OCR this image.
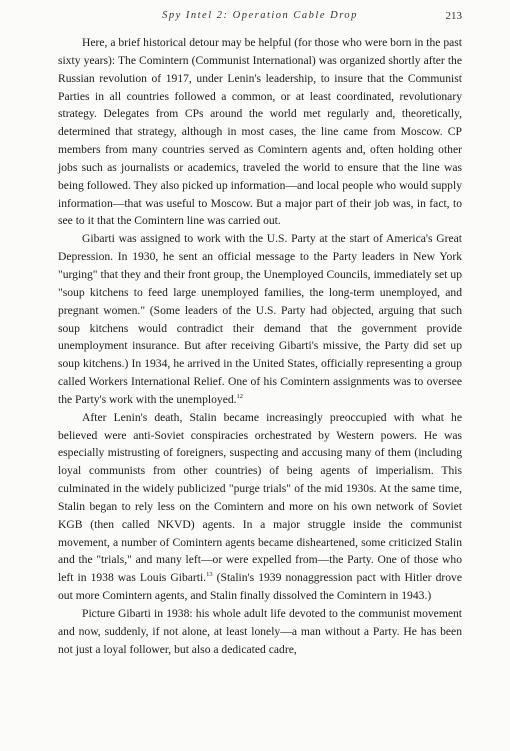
Spy Intel 2: Operation Cable Drop	213

Here, a brief historical detour may be helpful (for those who were born in the past sixty years): The Comintern (Communist International) was organized shortly after the Russian revolution of 1917, under Lenin's leadership, to insure that the Communist Parties in all countries followed a common, or at least coordinated, revolutionary strategy. Delegates from CPs around the world met regularly and, theoretically, determined that strategy, although in most cases, the line came from Moscow. CP members from many countries served as Comintern agents and, often holding other jobs such as journalists or academics, traveled the world to ensure that the line was being followed. They also picked up information—and local people who would supply information—that was useful to Moscow. But a major part of their job was, in fact, to see to it that the Comintern line was carried out.

Gibarti was assigned to work with the U.S. Party at the start of America's Great Depression. In 1930, he sent an official message to the Party leaders in New York "urging" that they and their front group, the Unemployed Councils, immediately set up "soup kitchens to feed large unemployed families, the long-term unemployed, and pregnant women." (Some leaders of the U.S. Party had objected, arguing that such soup kitchens would contradict their demand that the government provide unemployment insurance. But after receiving Gibarti's missive, the Party did set up soup kitchens.) In 1934, he arrived in the United States, officially representing a group called Workers International Relief. One of his Comintern assignments was to oversee the Party's work with the unemployed.$^{12}$

After Lenin's death, Stalin became increasingly preoccupied with what he believed were anti-Soviet conspiracies orchestrated by Western powers. He was especially mistrusting of foreigners, suspecting and accusing many of them (including loyal communists from other countries) of being agents of imperialism. This culminated in the widely publicized "purge trials" of the mid 1930s. At the same time, Stalin began to rely less on the Comintern and more on his own network of Soviet KGB (then called NKVD) agents. In a major struggle inside the communist movement, a number of Comintern agents became disheartened, some criticized Stalin and the "trials," and many left—or were expelled from—the Party. One of those who left in 1938 was Louis Gibarti.$^{13}$ (Stalin's 1939 nonaggression pact with Hitler drove out more Comintern agents, and Stalin finally dissolved the Comintern in 1943.)

Picture Gibarti in 1938: his whole adult life devoted to the communist movement and now, suddenly, if not alone, at least lonely—a man without a Party. He has been not just a loyal follower, but also a dedicated cadre,
